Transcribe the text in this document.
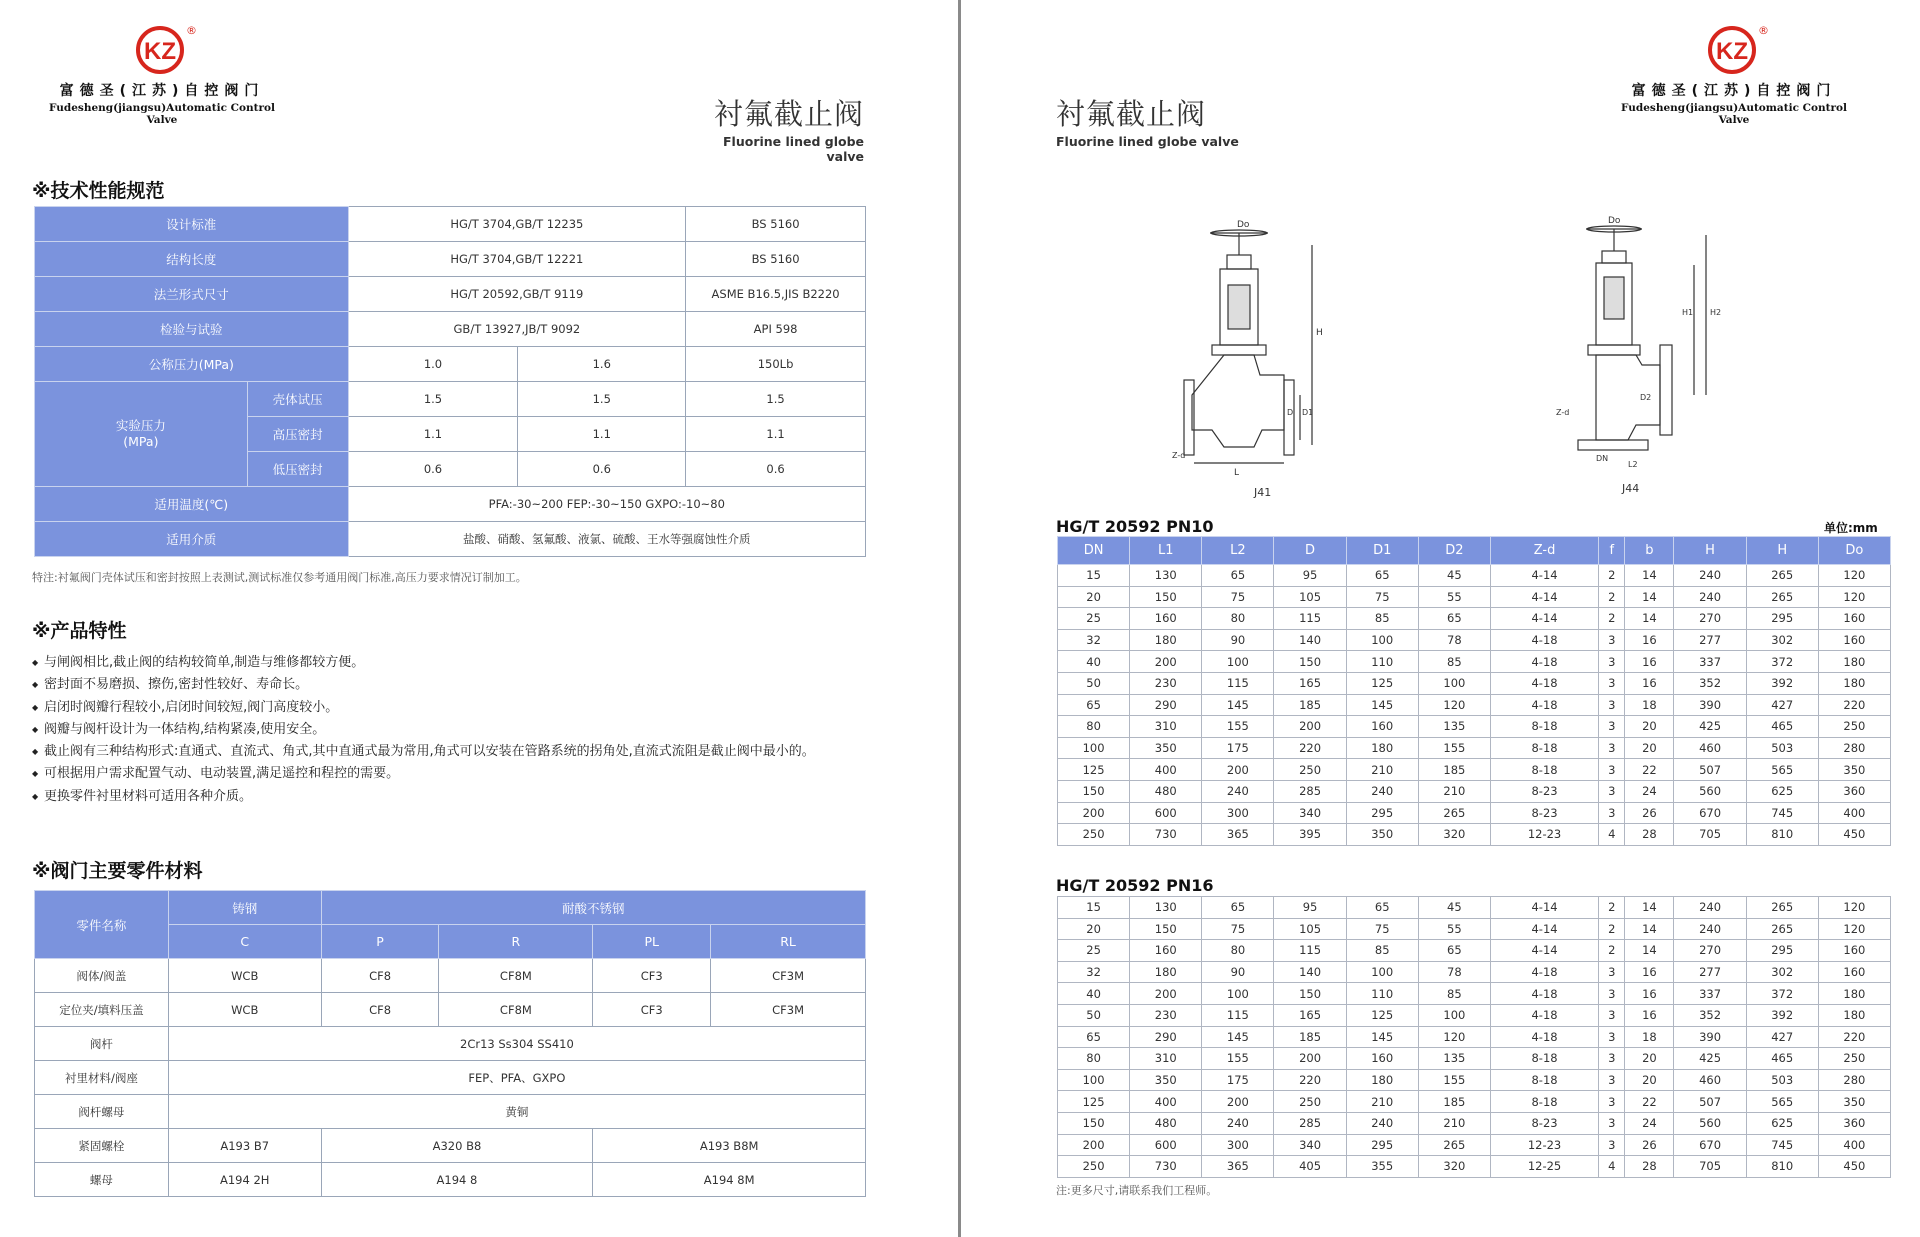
KZ
®
富德圣(江苏)自控阀门
Fudesheng(jiangsu)Automatic Control Valve	衬氟截止阀
Fluorine lined globe valve
※技术性能规范
设计标准		HG/T 3704,GB/T 12235		BS 5160
结构长度		HG/T 3704,GB/T 12221		BS 5160
法兰形式尺寸		HG/T 20592,GB/T 9119		ASME B16.5,JIS B2220
检验与试验		GB/T 13927,JB/T 9092		API 598
公称压力(MPa)		1.0	1.6	150Lb
实验压力
(MPa)	壳体试压	1.5	1.5	1.5
	高压密封	1.1	1.1	1.1
	低压密封	0.6	0.6	0.6
适用温度(℃)		PFA:-30~200 FEP:-30~150 GXPO:-10~80		
适用介质		盐酸、硝酸、氢氟酸、液氯、硫酸、王水等强腐蚀性介质		
特注:衬氟阀门壳体试压和密封按照上表测试,测试标准仅参考通用阀门标准,高压力要求情况订制加工。
※产品特性
◆ 与闸阀相比,截止阀的结构较简单,制造与维修都较方便。
◆ 密封面不易磨损、擦伤,密封性较好、寿命长。
◆ 启闭时阀瓣行程较小,启闭时间较短,阀门高度较小。
◆ 阀瓣与阀杆设计为一体结构,结构紧凑,使用安全。
◆ 截止阀有三种结构形式:直通式、直流式、角式,其中直通式最为常用,角式可以安装在管路系统的拐角处,直流式流阻是截止阀中最小的。
◆ 可根据用户需求配置气动、电动装置,满足遥控和程控的需要。
◆ 更换零件衬里材料可适用各种介质。
※阀门主要零件材料
零件名称	铸钢	耐酸不锈钢			
	C	P	R	PL	RL
阀体/阀盖	WCB	CF8	CF8M	CF3	CF3M
定位夹/填料压盖	WCB	CF8	CF8M	CF3	CF3M
阀杆	2Cr13 Ss304 SS410				
衬里材料/阀座	FEP、PFA、GXPO				
阀杆螺母	黄铜				
紧固螺栓	A193 B7	A320 B8		A193 B8M	
螺母	A194 2H	A194 8		A194 8M	
衬氟截止阀
Fluorine lined globe valve
KZ
®
富德圣(江苏)自控阀门
Fudesheng(jiangsu)Automatic Control Valve
Do
H
D D1
Z-d
L
J41
Do
H1 H2
D2
Z-d
DN
L2
J44
HG/T 20592 PN10	单位:mm
DN	L1	L2	D	D1	D2	Z-d	f	b	H	H	Do
15	130	65	95	65	45	4-14	2	14	240	265	120
20	150	75	105	75	55	4-14	2	14	240	265	120
25	160	80	115	85	65	4-14	2	14	270	295	160
32	180	90	140	100	78	4-18	3	16	277	302	160
40	200	100	150	110	85	4-18	3	16	337	372	180
50	230	115	165	125	100	4-18	3	16	352	392	180
65	290	145	185	145	120	4-18	3	18	390	427	220
80	310	155	200	160	135	8-18	3	20	425	465	250
100	350	175	220	180	155	8-18	3	20	460	503	280
125	400	200	250	210	185	8-18	3	22	507	565	350
150	480	240	285	240	210	8-23	3	24	560	625	360
200	600	300	340	295	265	8-23	3	26	670	745	400
250	730	365	395	350	320	12-23	4	28	705	810	450
HG/T 20592 PN16
15	130	65	95	65	45	4-14	2	14	240	265	120
20	150	75	105	75	55	4-14	2	14	240	265	120
25	160	80	115	85	65	4-14	2	14	270	295	160
32	180	90	140	100	78	4-18	3	16	277	302	160
40	200	100	150	110	85	4-18	3	16	337	372	180
50	230	115	165	125	100	4-18	3	16	352	392	180
65	290	145	185	145	120	4-18	3	18	390	427	220
80	310	155	200	160	135	8-18	3	20	425	465	250
100	350	175	220	180	155	8-18	3	20	460	503	280
125	400	200	250	210	185	8-18	3	22	507	565	350
150	480	240	285	240	210	8-23	3	24	560	625	360
200	600	300	340	295	265	12-23	3	26	670	745	400
250	730	365	405	355	320	12-25	4	28	705	810	450
注:更多尺寸,请联系我们工程师。
